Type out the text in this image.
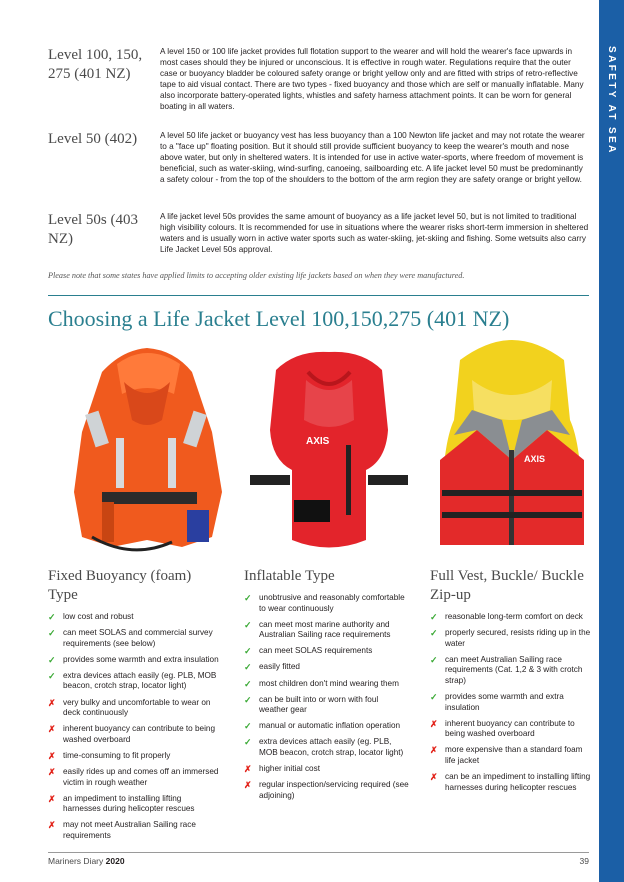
SAFETY AT SEA
Level 100, 150, 275 (401 NZ)
A level 150 or 100 life jacket provides full flotation support to the wearer and will hold the wearer's face upwards in most cases should they be injured or unconscious. It is effective in rough water. Regulations require that the outer case or buoyancy bladder be coloured safety orange or bright yellow only and are fitted with strips of retro-reflective tape to aid visual contact. There are two types - fixed buoyancy and those which are self or manually inflatable. Many also incorporate battery-operated lights, whistles and safety harness attachment points. It can be worn for general boating in all waters.
Level 50 (402)	A level 50 life jacket or buoyancy vest has less buoyancy than a 100 Newton life jacket and may not rotate the wearer to a "face up" floating position. But it should still provide sufficient buoyancy to keep the wearer's mouth and nose above water, but only in sheltered waters. It is intended for use in active water-sports, where freedom of movement is beneficial, such as water-skiing, wind-surfing, canoeing, sailboarding etc. A life jacket level 50 must be predominantly a safety colour - from the top of the shoulders to the bottom of the arm region they are safety orange or bright yellow.
Level 50s (403 NZ)
A life jacket level 50s provides the same amount of buoyancy as a life jacket level 50, but is not limited to traditional high visibility colours. It is recommended for use in situations where the wearer risks short-term immersion in sheltered waters and is usually worn in active water sports such as water-skiing, jet-skiing and fishing. Some wetsuits also carry Life Jacket Level 50s approval.
Please note that some states have applied limits to accepting older existing life jackets based on when they were manufactured.
Choosing a Life Jacket Level 100,150,275 (401 NZ)
AXIS
AXIS
Fixed Buoyancy (foam) Type
✓ low cost and robust
✓ can meet SOLAS and commercial survey requirements (see below)
✓ provides some warmth and extra insulation
✓ extra devices attach easily (eg. PLB, MOB beacon, crotch strap, locator light)
✗ very bulky and uncomfortable to wear on deck continuously
✗ inherent buoyancy can contribute to being washed overboard
✗ time-consuming to fit properly
✗ easily rides up and comes off an immersed victim in rough weather
✗ an impediment to installing lifting harnesses during helicopter rescues
✗ may not meet Australian Sailing race requirements
Inflatable Type
✓ unobtrusive and reasonably comfortable to wear continuously
✓ can meet most marine authority and Australian Sailing race requirements
✓ can meet SOLAS requirements
✓ easily fitted
✓ most children don't mind wearing them
✓ can be built into or worn with foul weather gear
✓ manual or automatic inflation operation
✓ extra devices attach easily (eg. PLB, MOB beacon, crotch strap, locator light)
✗ higher initial cost
✗ regular inspection/servicing required (see adjoining)
Full Vest, Buckle/ Buckle Zip-up
✓ reasonable long-term comfort on deck
✓ properly secured, resists riding up in the water
✓ can meet Australian Sailing race requirements (Cat. 1,2 & 3 with crotch strap)
✓ provides some warmth and extra insulation
✗ inherent buoyancy can contribute to being washed overboard
✗ more expensive than a standard foam life jacket
✗ can be an impediment to installing lifting harnesses during helicopter rescues
Mariners Diary 2020	39
